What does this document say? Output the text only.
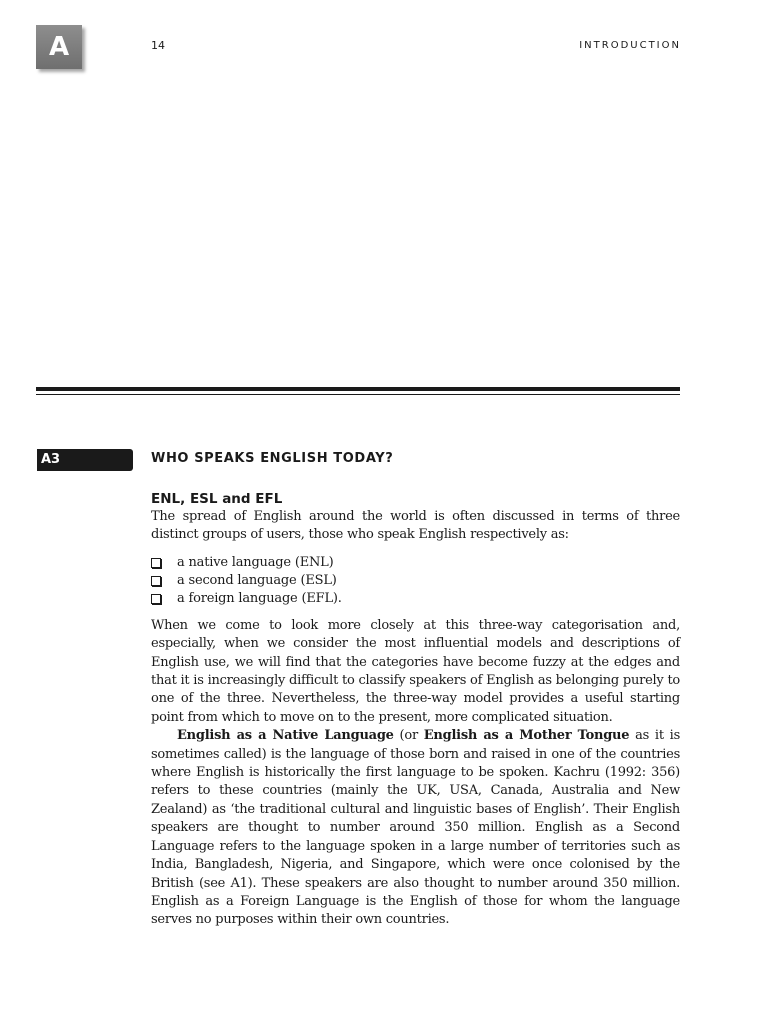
A	14	INTRODUCTION
A3	WHO SPEAKS ENGLISH TODAY?
ENL, ESL and EFL

The spread of English around the world is often discussed in terms of three distinct groups of users, those who speak English respectively as:

a native language (ENL)
a second language (ESL)
a foreign language (EFL).

When we come to look more closely at this three-way categorisation and, especially, when we consider the most influential models and descriptions of English use, we will find that the categories have become fuzzy at the edges and that it is increasingly difficult to classify speakers of English as belonging purely to one of the three. Nevertheless, the three-way model provides a useful starting point from which to move on to the present, more complicated situation.

English as a Native Language (or English as a Mother Tongue as it is sometimes called) is the language of those born and raised in one of the countries where English is historically the first language to be spoken. Kachru (1992: 356) refers to these countries (mainly the UK, USA, Canada, Australia and New Zealand) as ‘the traditional cultural and linguistic bases of English’. Their English speakers are thought to number around 350 million. English as a Second Language refers to the language spoken in a large number of territories such as India, Bangladesh, Nigeria, and Singapore, which were once colonised by the British (see A1). These speakers are also thought to number around 350 million. English as a Foreign Language is the English of those for whom the language serves no purposes within their own countries.
